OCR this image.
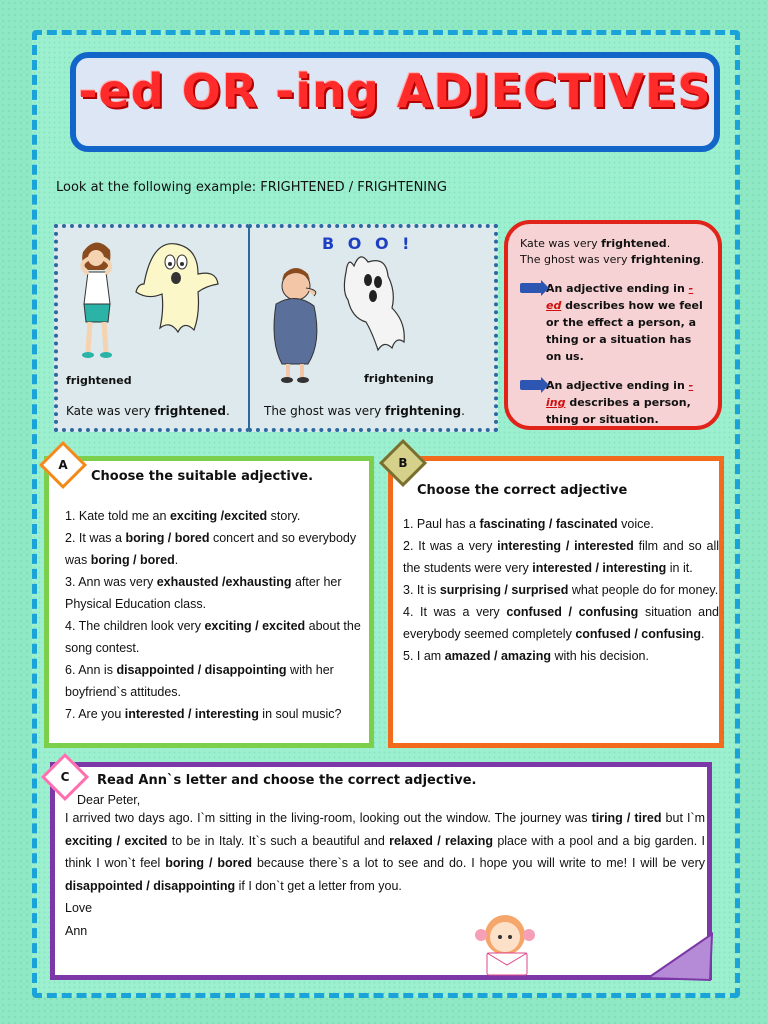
-ed OR -ing ADJECTIVES
Look at the following example: FRIGHTENED / FRIGHTENING
frightened
Kate was very frightened.
B O O !
frightening
The ghost was very frightening.
Kate was very frightened.
The ghost was very frightening.
An adjective ending in -ed describes how we feel or the effect a person, a thing or a situation has on us.
An adjective ending in -ing describes a person, thing or situation.
Choose the suitable adjective.
1. Kate told me an exciting /excited story.
2. It was a boring / bored concert and so everybody was boring / bored.
3. Ann was very exhausted /exhausting after her Physical Education class.
4. The children look very exciting / excited about the song contest.
6. Ann is disappointed / disappointing with her boyfriend`s attitudes.
7. Are you interested / interesting in soul music?

A
Choose the correct adjective
1. Paul has a fascinating / fascinated voice.
2. It was a very interesting / interested film and so all the students were very interested / interesting in it.
3. It is surprising / surprised what people do for money.
4. It was a very confused / confusing situation and everybody seemed completely confused / confusing.
5. I am amazed / amazing with his decision.

B
Read Ann`s letter and choose the correct adjective.
Dear Peter,
I arrived two days ago. I`m sitting in the living-room, looking out the window. The journey was tiring / tired but I`m exciting / excited to be in Italy. It`s such a beautiful and relaxed / relaxing place with a pool and a big garden. I think I won`t feel boring / bored because there`s a lot to see and do. I hope you will write to me! I will be very disappointed / disappointing if I don`t get a letter from you.
Love
Ann
C
